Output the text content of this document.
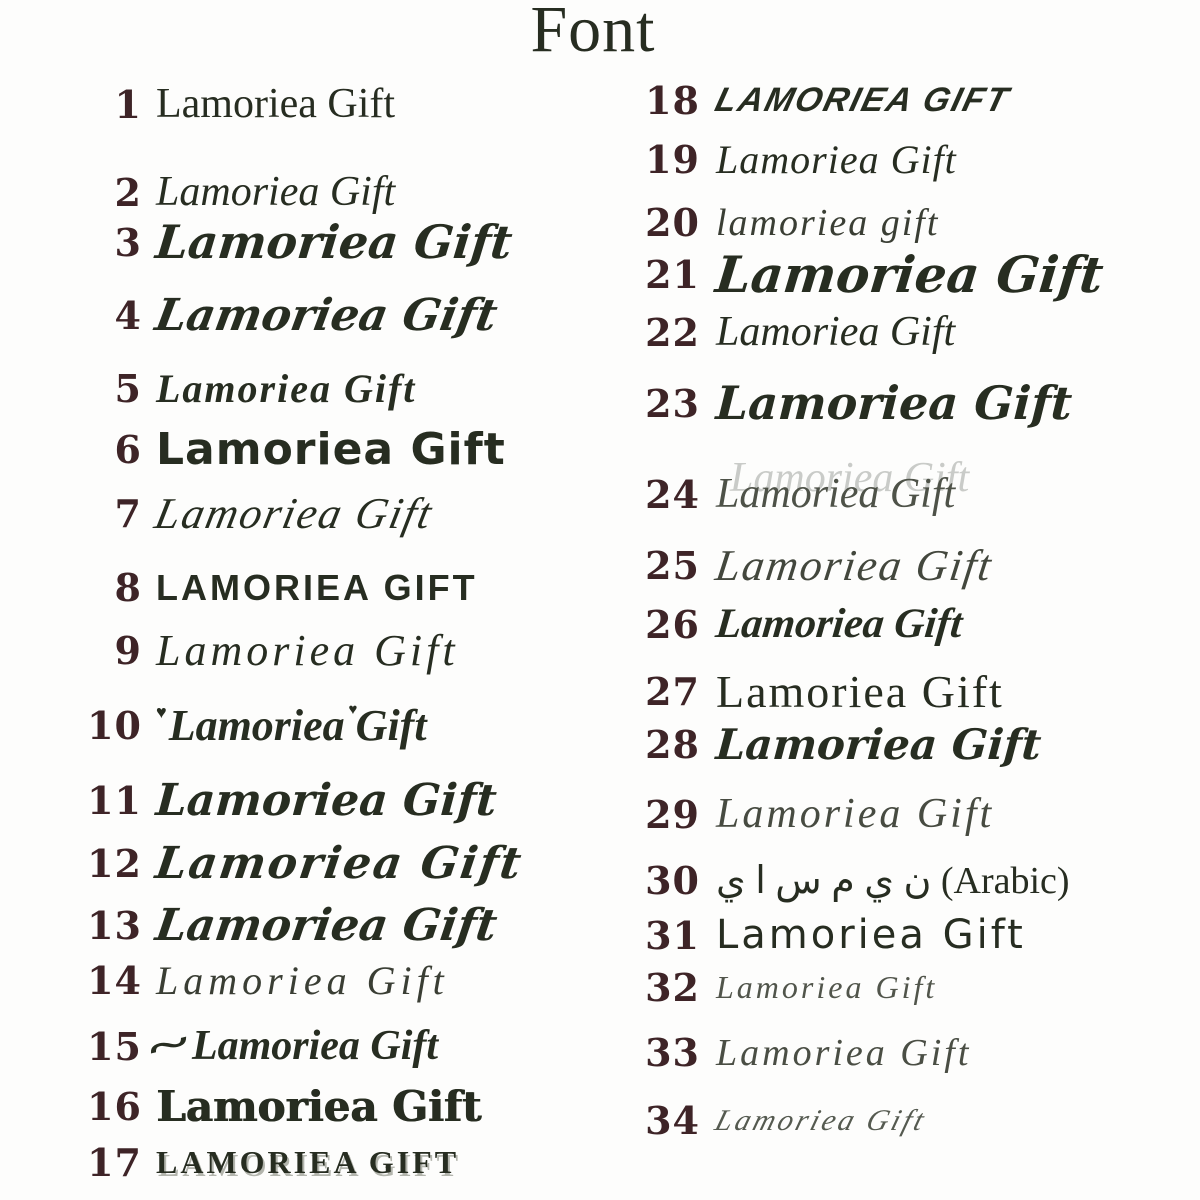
Font
1 Lamoriea Gift
2 Lamoriea Gift
3 Lamoriea Gift
4 Lamoriea Gift
5 Lamoriea Gift
6 Lamoriea Gift
7 Lamoriea Gift
8 LAMORIEA GIFT
9 Lamoriea Gift
10 ♥ Lamoriea Gift ♥
11 Lamoriea Gift
12 Lamoriea Gift
13 Lamoriea Gift
14 Lamoriea Gift
15	~ Lamoriea Gift
16 Lamoriea Gift
17 LAMORIEA GIFT
18 LAMORIEA GIFT
19 Lamoriea Gift
20 lamoriea gift
21 Lamoriea Gift
22 Lamoriea Gift
23 Lamoriea Gift
24 Lamoriea Gift
25 Lamoriea Gift
26 Lamoriea Gift
27 Lamoriea Gift
28 Lamoriea Gift
29 Lamoriea Gift
30 ن ي م س ا ي (Arabic)
31 Lamoriea Gift
32 Lamoriea Gift
33 Lamoriea Gift
34 Lamoriea Gift
